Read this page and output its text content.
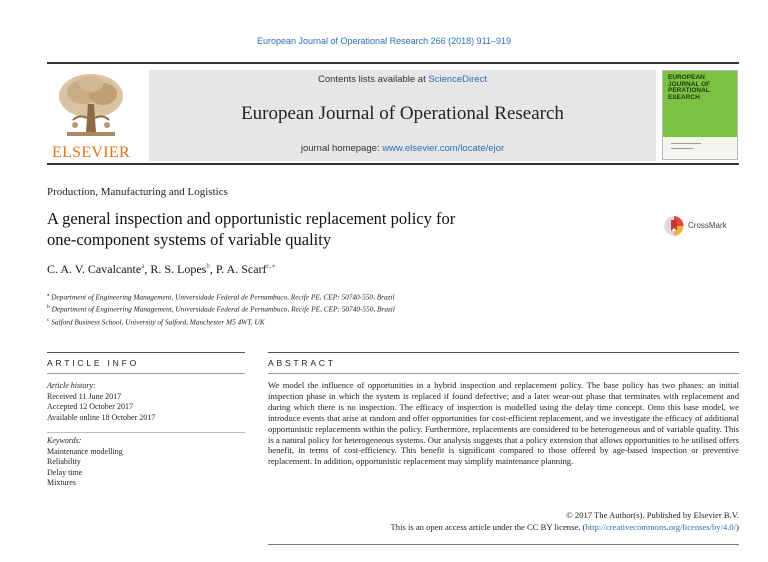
European Journal of Operational Research 266 (2018) 911–919
ELSEVIER
Contents lists available at ScienceDirect
European Journal of Operational Research
journal homepage: www.elsevier.com/locate/ejor
EUROPEAN JOURNAL OF PERATIONAL ESEARCH
Production, Manufacturing and Logistics
A general inspection and opportunistic replacement policy for
one-component systems of variable quality
CrossMark
C. A. V. Cavalcante$^a$, R. S. Lopes$^b$, P. A. Scarf$^{c,∗}$
$^a$ Department of Engineering Management, Universidade Federal de Pernambuco, Recife PE, CEP: 50740-550, Brazil
$^b$ Department of Engineering Management, Universidade Federal de Pernambuco, Recife PE, CEP: 50740-550, Brazil
$^c$ Salford Business School, University of Salford, Manchester M5 4WT, UK
ARTICLE INFO	ABSTRACT
Article history:
Received 11 June 2017
Accepted 12 October 2017
Available online 18 October 2017
Keywords:
Maintenance modelling
Reliability
Delay time
Mixtures
We model the influence of opportunities in a hybrid inspection and replacement policy. The base policy has two phases: an initial inspection phase in which the system is replaced if found defective; and a later wear-out phase that terminates with replacement and during which there is no inspection. The efficacy of inspection is modelled using the delay time concept. Onto this base model, we introduce events that arise at random and offer opportunities for cost-efficient replacement, and we investigate the efficacy of additional opportunistic replacements within the policy. Furthermore, replacements are considered to be heterogeneous and of variable quality. This is a natural policy for heterogeneous systems. Our analysis suggests that a policy extension that allows opportunities to be utilised offers benefit, in terms of cost-efficiency. This benefit is significant compared to those offered by age-based inspection or preventive replacement. In addition, opportunistic replacement may simplify maintenance planning.
© 2017 The Author(s). Published by Elsevier B.V.
This is an open access article under the CC BY license. (http://creativecommons.org/licenses/by/4.0/)
